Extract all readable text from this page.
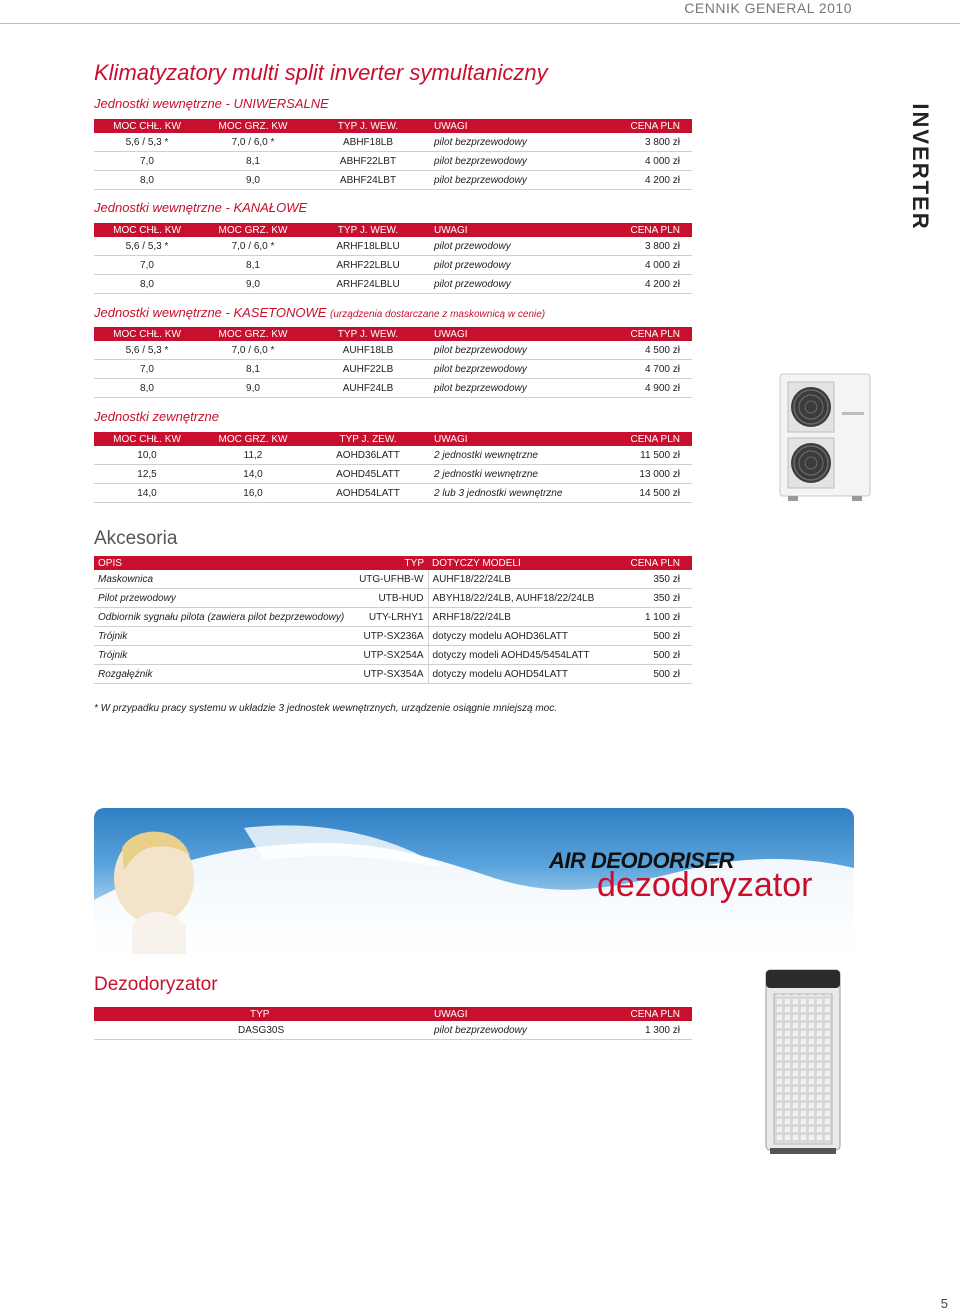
CENNIK GENERAL 2010
Klimatyzatory multi split inverter symultaniczny
INVERTER
Jednostki wewnętrzne - UNIWERSALNE
MOC CHŁ. KW	MOC GRZ. KW	TYP J. WEW.	UWAGI	CENA PLN
5,6 / 5,3 *	7,0 / 6,0 *	ABHF18LB	pilot bezprzewodowy	3 800 zł
7,0	8,1	ABHF22LBT	pilot bezprzewodowy	4 000 zł
8,0	9,0	ABHF24LBT	pilot bezprzewodowy	4 200 zł
Jednostki wewnętrzne - KANAŁOWE
MOC CHŁ. KW	MOC GRZ. KW	TYP J. WEW.	UWAGI	CENA PLN
5,6 / 5,3 *	7,0 / 6,0 *	ARHF18LBLU	pilot przewodowy	3 800 zł
7,0	8,1	ARHF22LBLU	pilot przewodowy	4 000 zł
8,0	9,0	ARHF24LBLU	pilot przewodowy	4 200 zł
Jednostki wewnętrzne - KASETONOWE (urządzenia dostarczane z maskownicą w cenie)
MOC CHŁ. KW	MOC GRZ. KW	TYP J. WEW.	UWAGI	CENA PLN
5,6 / 5,3 *	7,0 / 6,0 *	AUHF18LB	pilot bezprzewodowy	4 500 zł
7,0	8,1	AUHF22LB	pilot bezprzewodowy	4 700 zł
8,0	9,0	AUHF24LB	pilot bezprzewodowy	4 900 zł
Jednostki zewnętrzne
MOC CHŁ. KW	MOC GRZ. KW	TYP J. ZEW.	UWAGI	CENA PLN
10,0	11,2	AOHD36LATT	2 jednostki wewnętrzne	11 500 zł
12,5	14,0	AOHD45LATT	2 jednostki wewnętrzne	13 000 zł
14,0	16,0	AOHD54LATT	2 lub 3 jednostki wewnętrzne	14 500 zł
Akcesoria
OPIS	TYP	DOTYCZY MODELI	CENA PLN
Maskownica	UTG-UFHB-W	AUHF18/22/24LB	350 zł
Pilot przewodowy	UTB-HUD	ABYH18/22/24LB, AUHF18/22/24LB	350 zł
Odbiornik sygnału pilota (zawiera pilot bezprzewodowy)	UTY-LRHY1	ARHF18/22/24LB	1 100 zł
Trójnik	UTP-SX236A	dotyczy modelu AOHD36LATT	500 zł
Trójnik	UTP-SX254A	dotyczy modeli AOHD45/5454LATT	500 zł
Rozgałężnik	UTP-SX354A	dotyczy modelu AOHD54LATT	500 zł
* W przypadku pracy systemu w układzie 3 jednostek wewnętrznych, urządzenie osiągnie mniejszą moc.
AIR DEODORISER
dezodoryzator
Dezodoryzator
TYP	UWAGI	CENA PLN
DASG30S	pilot bezprzewodowy	1 300 zł
5
